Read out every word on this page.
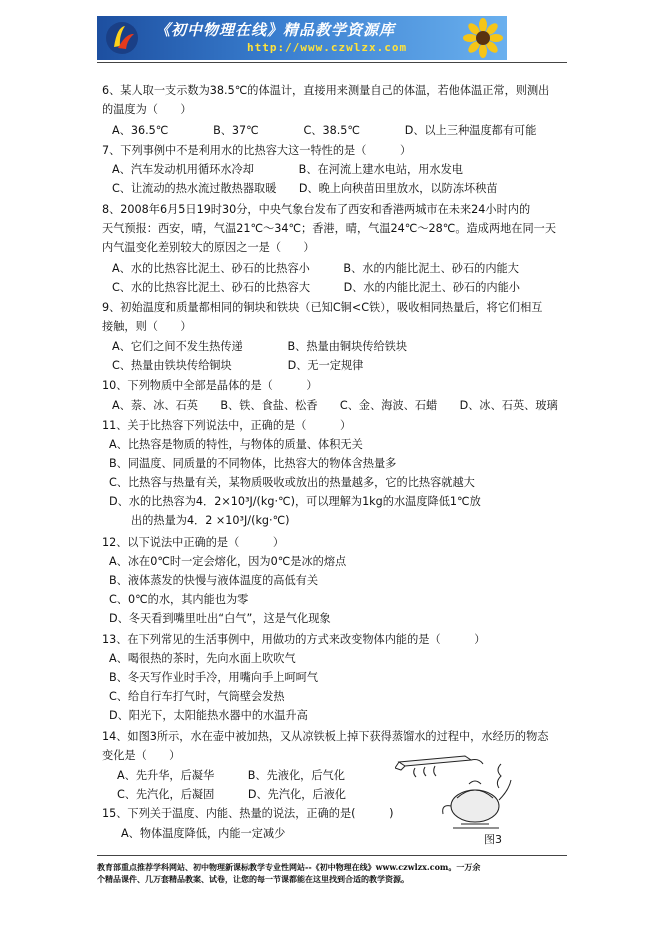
《初中物理在线》精品教学资源库
http://www.czwlzx.com
6、某人取一支示数为38.5℃的体温计，直接用来测量自己的体温，若他体温正常，则测出
的温度为（　　）
A、36.5℃　　　　B、37℃　　　　C、38.5℃　　　　D、以上三种温度都有可能
7、下列事例中不是利用水的比热容大这一特性的是（　　　）
A、汽车发动机用循环水冷却　　　　B、在河流上建水电站，用水发电
C、让流动的热水流过散热器取暖　　D、晚上向秧苗田里放水，以防冻坏秧苗
8、2008年6月5日19时30分，中央气象台发布了西安和香港两城市在未来24小时内的
天气预报：西安，晴，气温21℃～34℃；香港，晴，气温24℃～28℃。造成两地在同一天
内气温变化差别较大的原因之一是（　　）
A、水的比热容比泥土、砂石的比热容小　　　B、水的内能比泥土、砂石的内能大
C、水的比热容比泥土、砂石的比热容大　　　D、水的内能比泥土、砂石的内能小
9、初始温度和质量都相同的铜块和铁块（已知C铜<C铁），吸收相同热量后，将它们相互
接触，则（　　）
A、它们之间不发生热传递　　　　B、热量由铜块传给铁块
C、热量由铁块传给铜块　　　　　D、无一定规律
10、下列物质中全部是晶体的是（　　　）
A、萘、冰、石英　　B、铁、食盐、松香　　C、金、海波、石蜡　　D、冰、石英、玻璃
11、关于比热容下列说法中，正确的是（　　　）
A、比热容是物质的特性，与物体的质量、体积无关
B、同温度、同质量的不同物体，比热容大的物体含热量多
C、比热容与热量有关，某物质吸收或放出的热量越多，它的比热容就越大
D、水的比热容为4．2×10³J/(kg·℃)，可以理解为1kg的水温度降低1℃放
出的热量为4．2 ×10³J/(kg·℃)
12、以下说法中正确的是（　　　）
A、冰在0℃时一定会熔化，因为0℃是冰的熔点
B、液体蒸发的快慢与液体温度的高低有关
C、0℃的水，其内能也为零
D、冬天看到嘴里吐出“白气”，这是气化现象
13、在下列常见的生活事例中，用做功的方式来改变物体内能的是（　　　）
A、喝很热的茶时，先向水面上吹吹气
B、冬天写作业时手冷，用嘴向手上呵呵气
C、给自行车打气时，气筒壁会发热
D、阳光下，太阳能热水器中的水温升高
14、如图3所示，水在壶中被加热，又从凉铁板上掉下获得蒸馏水的过程中，水经历的物态
变化是（　　）
A、先升华，后凝华　　　B、先液化，后气化
C、先汽化，后凝固　　　D、先汽化，后液化
15、下列关于温度、内能、热量的说法，正确的是(　　　)
A、物体温度降低，内能一定减少	图3
教育部重点推荐学科网站、初中物理新课标教学专业性网站--《初中物理在线》www.czwlzx.com。一万余
个精品课件、几万套精品教案、试卷，让您的每一节课都能在这里找到合适的教学资源。
